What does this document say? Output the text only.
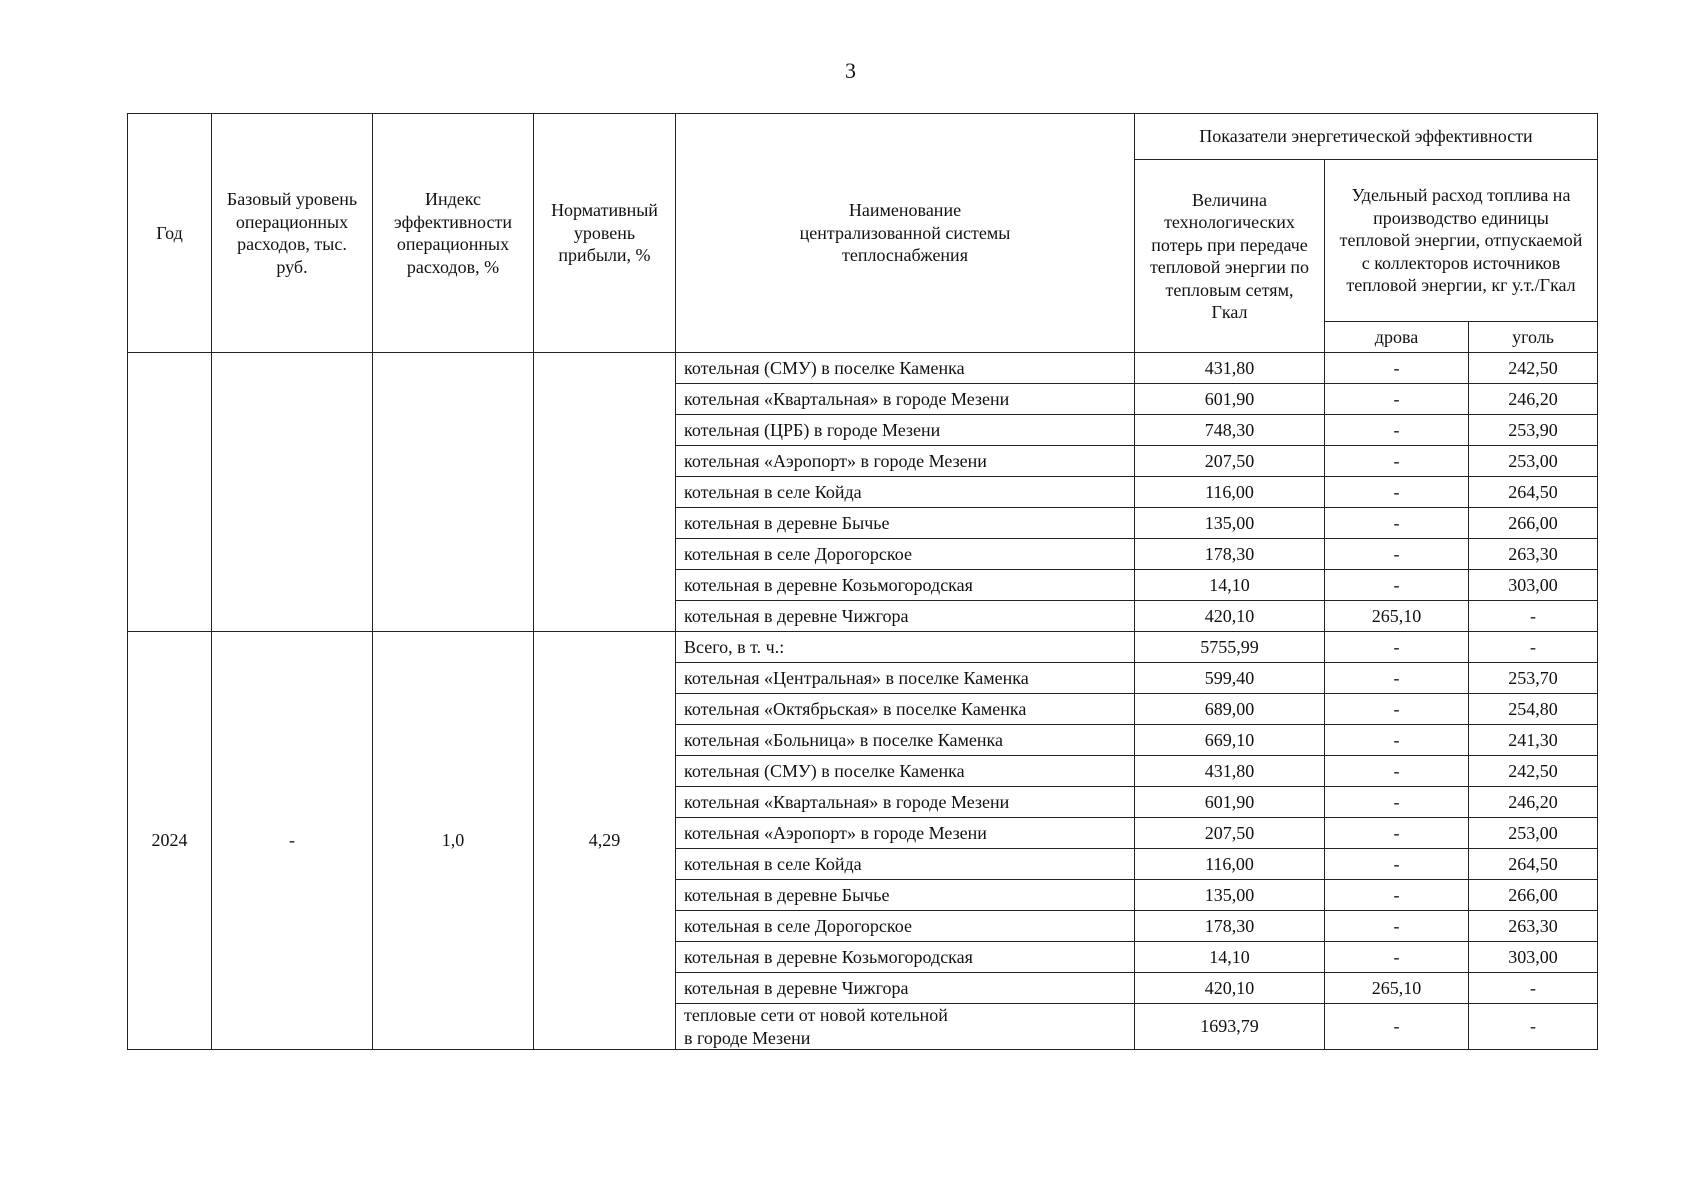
3
Год	Базовый уровень операционных расходов, тыс. руб.	Индекс эффективности операционных расходов, %	Нормативный уровень прибыли, %	Наименование централизованной системы теплоснабжения	Показатели энергетической эффективности		
					Величина технологических потерь при передаче тепловой энергии по тепловым сетям, Гкал	Удельный расход топлива на производство единицы тепловой энергии, отпускаемой с коллекторов источников тепловой энергии, кг у.т./Гкал	
						дрова	уголь
				котельная (СМУ) в поселке Каменка	431,80	-	242,50
				котельная «Квартальная» в городе Мезени	601,90	-	246,20
				котельная (ЦРБ) в городе Мезени	748,30	-	253,90
				котельная «Аэропорт» в городе Мезени	207,50	-	253,00
				котельная в селе Койда	116,00	-	264,50
				котельная в деревне Бычье	135,00	-	266,00
				котельная в селе Дорогорское	178,30	-	263,30
				котельная в деревне Козьмогородская	14,10	-	303,00
				котельная в деревне Чижгора	420,10	265,10	-
2024	-	1,0	4,29	Всего, в т. ч.:	5755,99	-	-
				котельная «Центральная» в поселке Каменка	599,40	-	253,70
				котельная «Октябрьская» в поселке Каменка	689,00	-	254,80
				котельная «Больница» в поселке Каменка	669,10	-	241,30
				котельная (СМУ) в поселке Каменка	431,80	-	242,50
				котельная «Квартальная» в городе Мезени	601,90	-	246,20
				котельная «Аэропорт» в городе Мезени	207,50	-	253,00
				котельная в селе Койда	116,00	-	264,50
				котельная в деревне Бычье	135,00	-	266,00
				котельная в селе Дорогорское	178,30	-	263,30
				котельная в деревне Козьмогородская	14,10	-	303,00
				котельная в деревне Чижгора	420,10	265,10	-
				тепловые сети от новой котельной
в городе Мезени	1693,79	-	-
